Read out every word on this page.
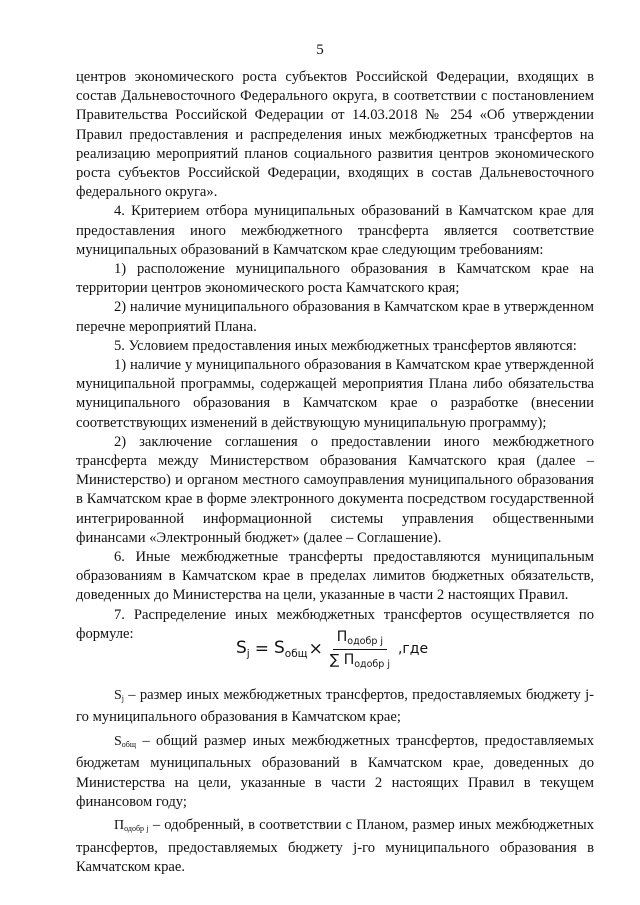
5

центров экономического роста субъектов Российской Федерации, входящих в состав Дальневосточного Федерального округа, в соответствии с постановлением Правительства Российской Федерации от 14.03.2018 № 254 «Об утверждении Правил предоставления и распределения иных межбюджетных трансфертов на реализацию мероприятий планов социального развития центров экономического роста субъектов Российской Федерации, входящих в состав Дальневосточного федерального округа».

4. Критерием отбора муниципальных образований в Камчатском крае для предоставления иного межбюджетного трансферта является соответствие муниципальных образований в Камчатском крае следующим требованиям:

1) расположение муниципального образования в Камчатском крае на территории центров экономического роста Камчатского края;

2) наличие муниципального образования в Камчатском крае в утвержденном перечне мероприятий Плана.

5. Условием предоставления иных межбюджетных трансфертов являются:

1) наличие у муниципального образования в Камчатском крае утвержденной муниципальной программы, содержащей мероприятия Плана либо обязательства муниципального образования в Камчатском крае о разработке (внесении соответствующих изменений в действующую муниципальную программу);

2) заключение соглашения о предоставлении иного межбюджетного трансферта между Министерством образования Камчатского края (далее – Министерство) и органом местного самоуправления муниципального образования в Камчатском крае в форме электронного документа посредством государственной интегрированной информационной системы управления общественными финансами «Электронный бюджет» (далее – Соглашение).

6. Иные межбюджетные трансферты предоставляются муниципальным образованиям в Камчатском крае в пределах лимитов бюджетных обязательств, доведенных до Министерства на цели, указанные в части 2 настоящих Правил.

7. Распределение иных межбюджетных трансфертов осуществляется по формуле:

$S_j = S_{общ} \times \frac{П_{одобр j}}{\sum П_{одобр j}} ,где$

Sj – размер иных межбюджетных трансфертов, предоставляемых бюджету j-го муниципального образования в Камчатском крае;

Sобщ – общий размер иных межбюджетных трансфертов, предоставляемых бюджетам муниципальных образований в Камчатском крае, доведенных до Министерства на цели, указанные в части 2 настоящих Правил в текущем финансовом году;

Подобр j – одобренный, в соответствии с Планом, размер иных межбюджетных трансфертов, предоставляемых бюджету j-го муниципального образования в Камчатском крае.
